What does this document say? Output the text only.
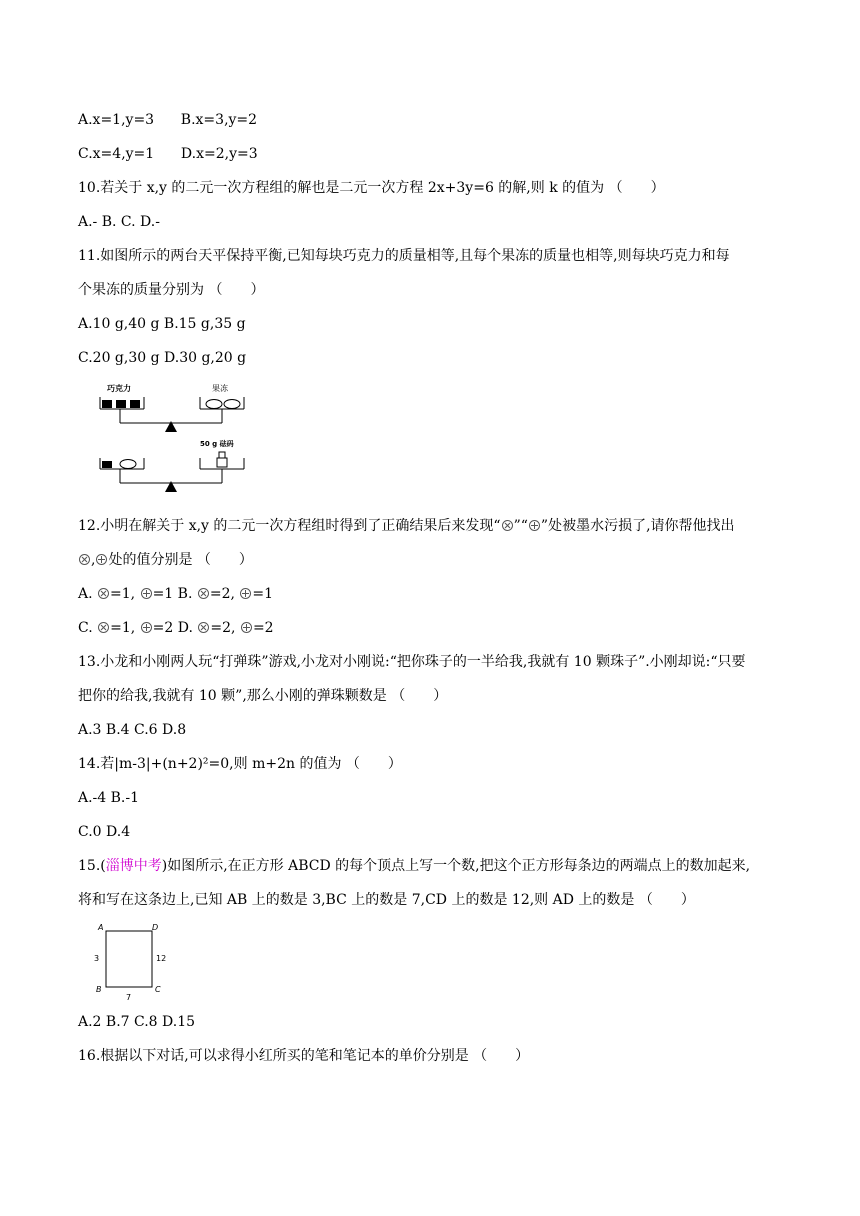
A.x=1,y=3 B.x=3,y=2
C.x=4,y=1 D.x=2,y=3
10.若关于 x,y 的二元一次方程组的解也是二元一次方程 2x+3y=6 的解,则 k 的值为 （　　）
A.- B. C. D.-
11.如图所示的两台天平保持平衡,已知每块巧克力的质量相等,且每个果冻的质量也相等,则每块巧克力和每
个果冻的质量分别为 （　　）
A.10 g,40 g B.15 g,35 g
C.20 g,30 g D.30 g,20 g
巧克力	果冻
50 g 砝码
12.小明在解关于 x,y 的二元一次方程组时得到了正确结果后来发现“ ”“ ”处被墨水污损了,请你帮他找出
, 处的值分别是 （　　）
A. =1, =1 B. =2, =1
C. =1, =2 D. =2, =2
13.小龙和小刚两人玩“打弹珠”游戏,小龙对小刚说:“把你珠子的一半给我,我就有 10 颗珠子”.小刚却说:“只要
把你的给我,我就有 10 颗”,那么小刚的弹珠颗数是 （　　）
A.3 B.4 C.6 D.8
14.若|m-3|+(n+2)²=0,则 m+2n 的值为 （　　）
A.-4 B.-1
C.0 D.4
15.(淄博中考)如图所示,在正方形 ABCD 的每个顶点上写一个数,把这个正方形每条边的两端点上的数加起来,
将和写在这条边上,已知 AB 上的数是 3,BC 上的数是 7,CD 上的数是 12,则 AD 上的数是 （　　）
A	D
B	C
3	12
7
A.2 B.7 C.8 D.15
16.根据以下对话,可以求得小红所买的笔和笔记本的单价分别是 （　　）
